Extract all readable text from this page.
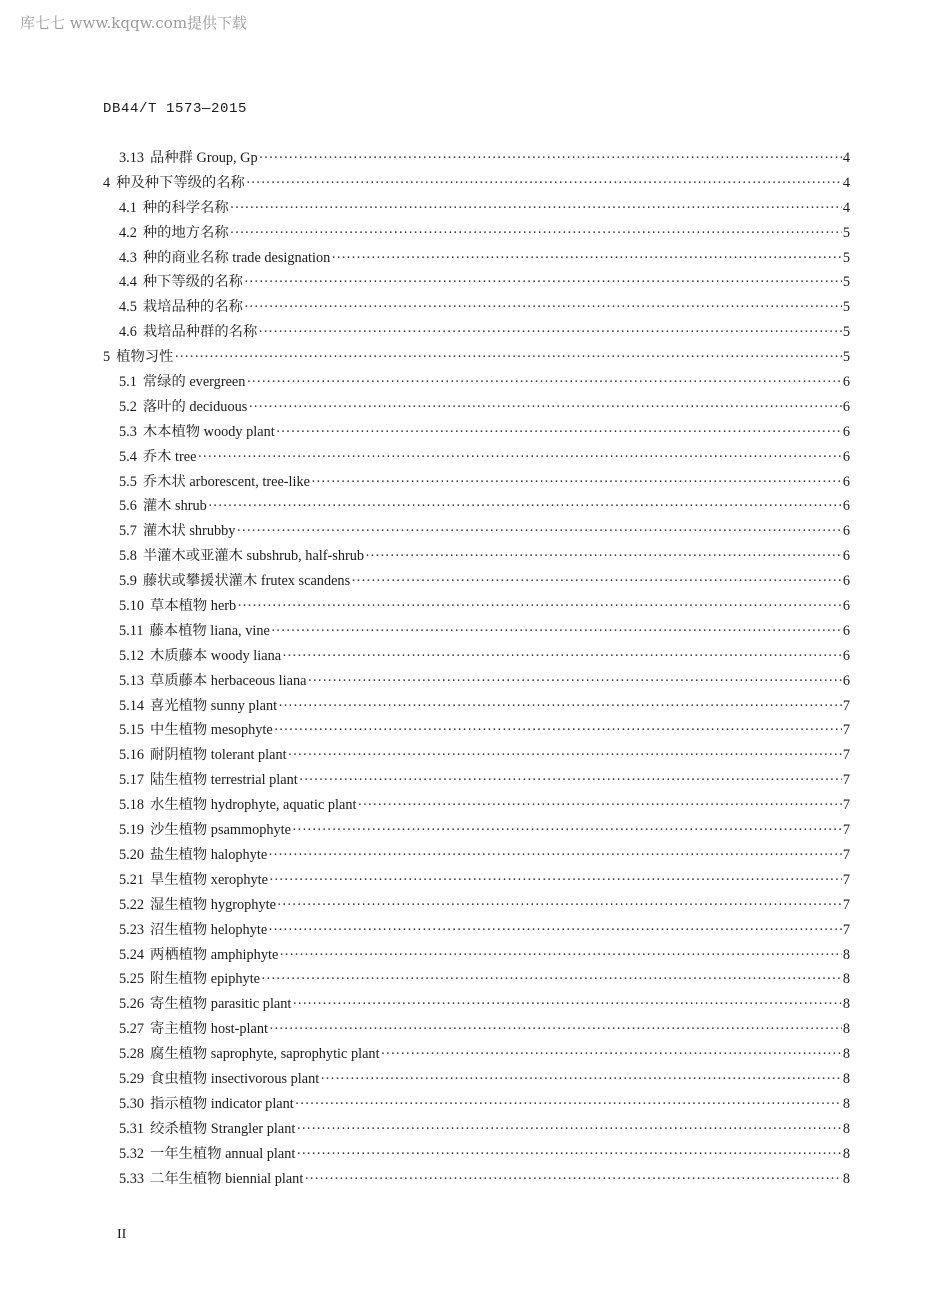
库七七 www.kqqw.com提供下载
DB44/T 1573—2015
3.13 品种群 Group, Gp ·····	4
4 种及种下等级的名称 ·····	4
4.1 种的科学名称 ·····	4
4.2 种的地方名称 ·····	5
4.3 种的商业名称 trade designation ·····	5
4.4 种下等级的名称 ·····	5
4.5 栽培品种的名称 ·····	5
4.6 栽培品种群的名称 ·····	5
5 植物习性 ·····	5
5.1 常绿的 evergreen ·····	6
5.2 落叶的 deciduous ·····	6
5.3 木本植物 woody plant ·····	6
5.4 乔木 tree ·····	6
5.5 乔木状 arborescent, tree-like ·····	6
5.6 灌木 shrub ·····	6
5.7 灌木状 shrubby ·····	6
5.8 半灌木或亚灌木 subshrub, half-shrub ·····	6
5.9 藤状或攀援状灌木 frutex scandens ·····	6
5.10 草本植物 herb ·····	6
5.11 藤本植物 liana, vine ·····	6
5.12 木质藤本 woody liana ·····	6
5.13 草质藤本 herbaceous liana ·····	6
5.14 喜光植物 sunny plant ·····	7
5.15 中生植物 mesophyte ·····	7
5.16 耐阴植物 tolerant plant ·····	7
5.17 陆生植物 terrestrial plant ·····	7
5.18 水生植物 hydrophyte, aquatic plant ·····	7
5.19 沙生植物 psammophyte ·····	7
5.20 盐生植物 halophyte ·····	7
5.21 旱生植物 xerophyte ·····	7
5.22 湿生植物 hygrophyte ·····	7
5.23 沼生植物 helophyte ·····	7
5.24 两栖植物 amphiphyte ·····	8
5.25 附生植物 epiphyte ·····	8
5.26 寄生植物 parasitic plant ·····	8
5.27 寄主植物 host-plant ·····	8
5.28 腐生植物 saprophyte, saprophytic plant ·····	8
5.29 食虫植物 insectivorous plant ·····	8
5.30 指示植物 indicator plant ·····	8
5.31 绞杀植物 Strangler plant ·····	8
5.32 一年生植物 annual plant ·····	8
5.33 二年生植物 biennial plant ·····	8
II
